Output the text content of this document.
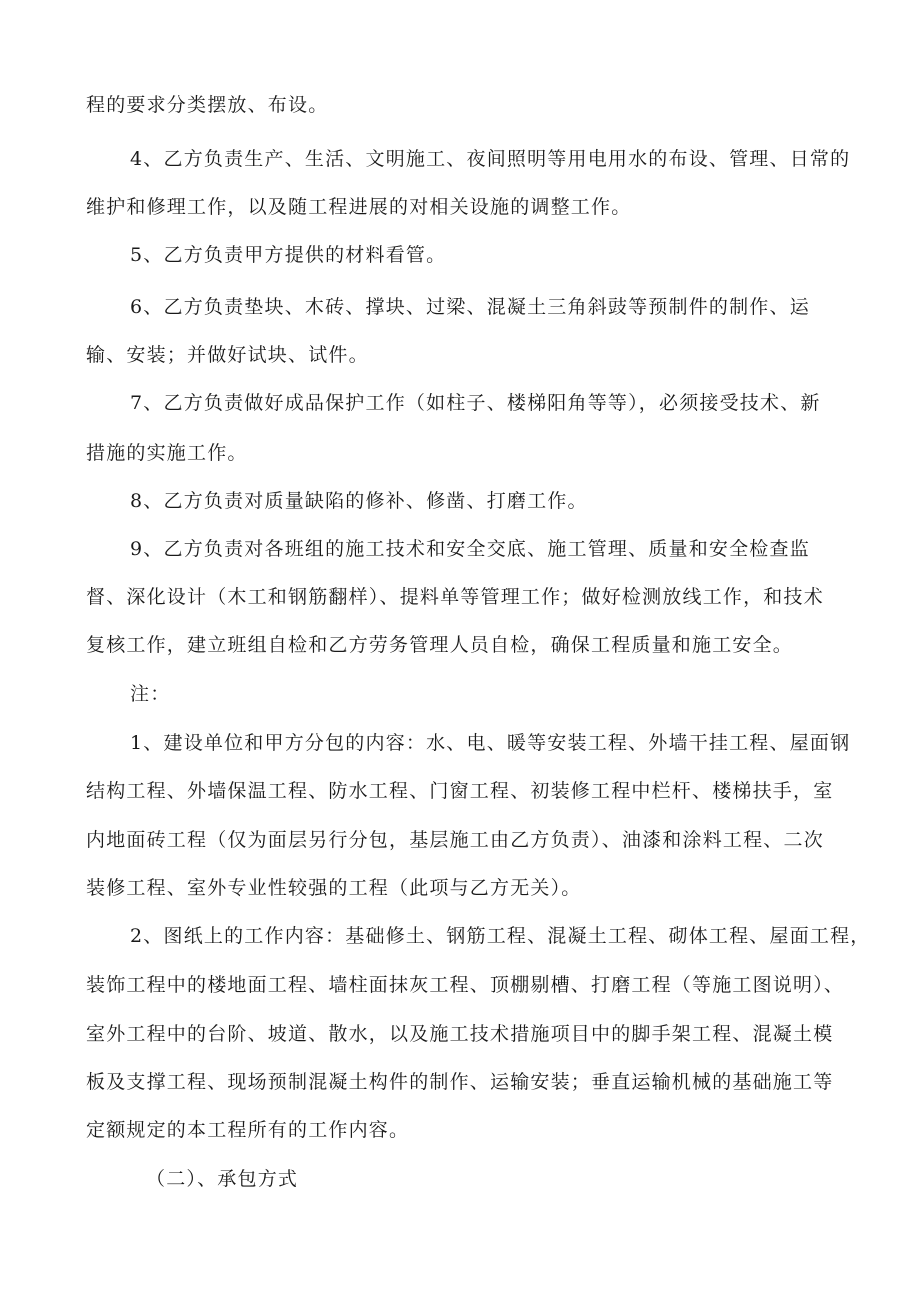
程的要求分类摆放、布设。
4、乙方负责生产、生活、文明施工、夜间照明等用电用水的布设、管理、日常的
维护和修理工作，以及随工程进展的对相关设施的调整工作。
5、乙方负责甲方提供的材料看管。
6、乙方负责垫块、木砖、撑块、过梁、混凝土三角斜豉等预制件的制作、运
输、安装；并做好试块、试件。
7、乙方负责做好成品保护工作（如柱子、楼梯阳角等等），必须接受技术、新
措施的实施工作。
8、乙方负责对质量缺陷的修补、修凿、打磨工作。
9、乙方负责对各班组的施工技术和安全交底、施工管理、质量和安全检查监
督、深化设计（木工和钢筋翻样）、提料单等管理工作；做好检测放线工作，和技术
复核工作，建立班组自检和乙方劳务管理人员自检，确保工程质量和施工安全。
注：
1、建设单位和甲方分包的内容：水、电、暖等安装工程、外墙干挂工程、屋面钢
结构工程、外墙保温工程、防水工程、门窗工程、初装修工程中栏杆、楼梯扶手，室
内地面砖工程（仅为面层另行分包，基层施工由乙方负责）、油漆和涂料工程、二次
装修工程、室外专业性较强的工程（此项与乙方无关）。
2、图纸上的工作内容：基础修土、钢筋工程、混凝土工程、砌体工程、屋面工程，
装饰工程中的楼地面工程、墙柱面抹灰工程、顶棚剔槽、打磨工程（等施工图说明）、
室外工程中的台阶、坡道、散水，以及施工技术措施项目中的脚手架工程、混凝土模
板及支撑工程、现场预制混凝土构件的制作、运输安装；垂直运输机械的基础施工等
定额规定的本工程所有的工作内容。
（二）、承包方式
